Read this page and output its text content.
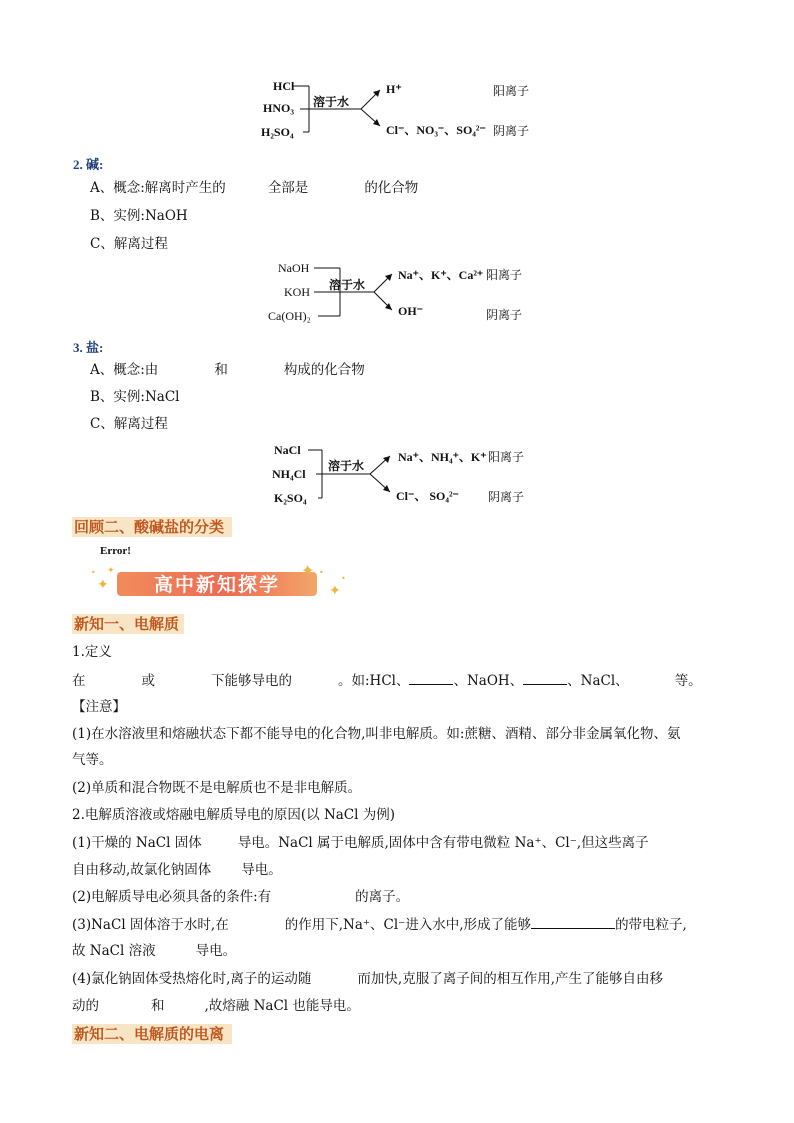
HCl
HNO₃
H₂SO₄
溶于水
H⁺
Cl⁻、NO₃⁻、SO₄²⁻
阳离子
阴离子
2. 碱:
A、概念:解离时产生的	全部是	的化合物
B、实例:NaOH
C、解离过程
NaOH
KOH
Ca(OH)₂
溶于水
Na⁺、K⁺、Ca²⁺
OH⁻
阳离子
阴离子
3. 盐:
A、概念:由	和	构成的化合物
B、实例:NaCl
C、解离过程
NaCl
NH₄Cl
K₂SO₄
溶于水
Na⁺、NH₄⁺、K⁺
Cl⁻、 SO₄²⁻
阳离子
阴离子
回顾二、酸碱盐的分类
Error!
✦
• ✦
高中新知探学
✦ •
✦
•
新知一、电解质
1.定义
在	或	下能够导电的	。如:HCl、	、NaOH、	、NaCl、	等。
【注意】
(1)在水溶液里和熔融状态下都不能导电的化合物,叫非电解质。如:蔗糖、酒精、部分非金属氧化物、氨
气等。
(2)单质和混合物既不是电解质也不是非电解质。
2.电解质溶液或熔融电解质导电的原因(以 NaCl 为例)
(1)干燥的 NaCl 固体	导电。NaCl 属于电解质,固体中含有带电微粒 Na⁺、Cl⁻,但这些离子
自由移动,故氯化钠固体 导电。
(2)电解质导电必须具备的条件:有	的离子。
(3)NaCl 固体溶于水时,在	的作用下,Na⁺、Cl⁻进入水中,形成了能够	的带电粒子,
故 NaCl 溶液	导电。
(4)氯化钠固体受热熔化时,离子的运动随	而加快,克服了离子间的相互作用,产生了能够自由移
动的	和	,故熔融 NaCl 也能导电。
新知二、电解质的电离
